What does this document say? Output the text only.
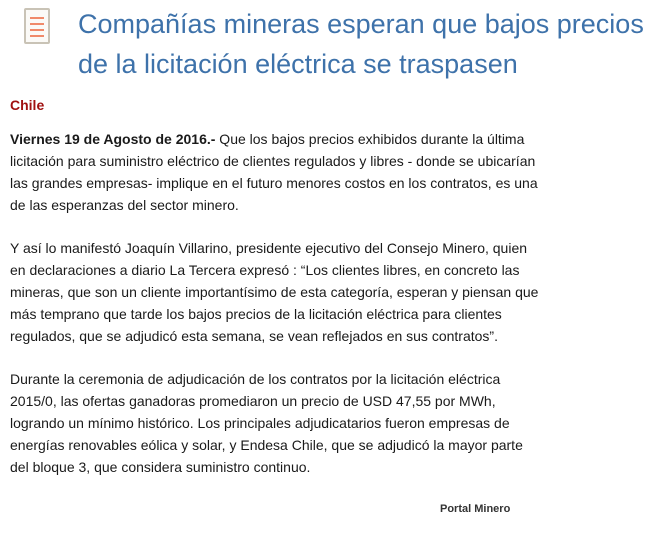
Compañías mineras esperan que bajos precios de la licitación eléctrica se traspasen
Chile

Viernes 19 de Agosto de 2016.- Que los bajos precios exhibidos durante la última licitación para suministro eléctrico de clientes regulados y libres - donde se ubicarían las grandes empresas- implique en el futuro menores costos en los contratos, es una de las esperanzas del sector minero.

Y así lo manifestó Joaquín Villarino, presidente ejecutivo del Consejo Minero, quien en declaraciones a diario La Tercera expresó : “Los clientes libres, en concreto las mineras, que son un cliente importantísimo de esta categoría, esperan y piensan que más temprano que tarde los bajos precios de la licitación eléctrica para clientes regulados, que se adjudicó esta semana, se vean reflejados en sus contratos”.

Durante la ceremonia de adjudicación de los contratos por la licitación eléctrica 2015/0, las ofertas ganadoras promediaron un precio de USD 47,55 por MWh, logrando un mínimo histórico. Los principales adjudicatarios fueron empresas de energías renovables eólica y solar, y Endesa Chile, que se adjudicó la mayor parte del bloque 3, que considera suministro continuo.

Portal Minero
